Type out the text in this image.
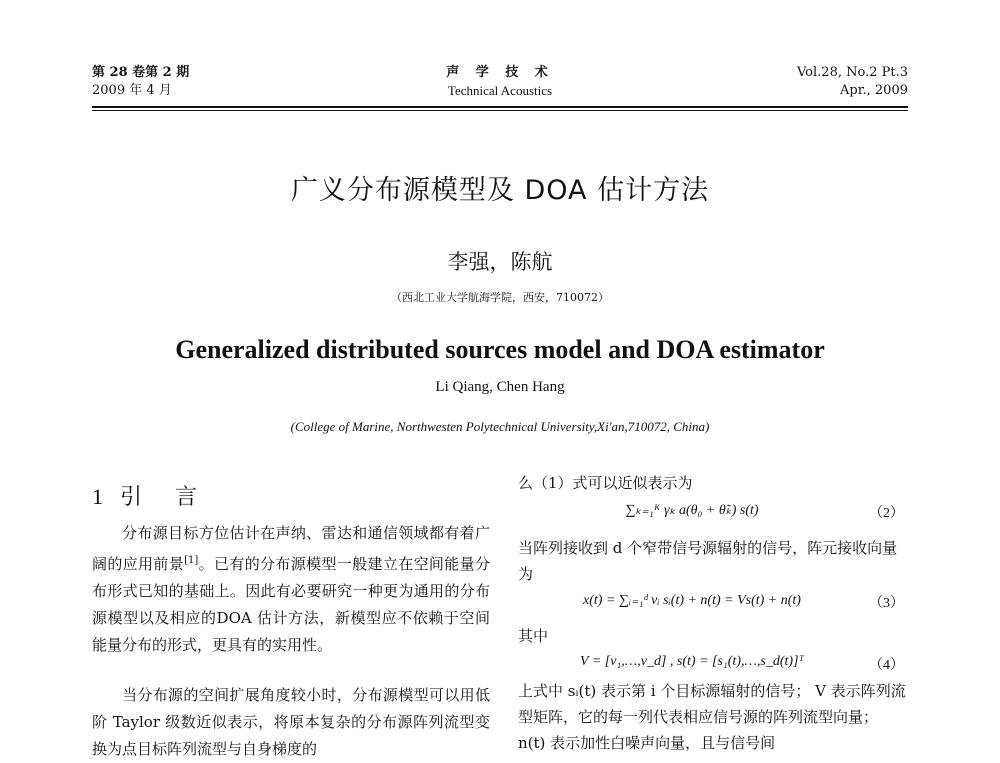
第 28 卷第 2 期
2009 年 4 月
声 学 技 术
Technical Acoustics
Vol.28, No.2 Pt.3
Apr., 2009
广义分布源模型及 DOA 估计方法
李强，陈航
（西北工业大学航海学院，西安，710072）
Generalized distributed sources model and DOA estimator
Li Qiang, Chen Hang
(College of Marine, Northwesten Polytechnical University,Xi'an,710072, China)
1 引 言
分布源目标方位估计在声纳、雷达和通信领域都有着广阔的应用前景[1]。已有的分布源模型一般建立在空间能量分布形式已知的基础上。因此有必要研究一种更为通用的分布源模型以及相应的DOA 估计方法，新模型应不依赖于空间能量分布的形式，更具有的实用性。
当分布源的空间扩展角度较小时，分布源模型可以用低阶 Taylor 级数近似表示，将原本复杂的分布源阵列流型变换为点目标阵列流型与自身梯度的
么（1）式可以近似表示为
∑ₖ₌₁ᴷ γₖ a(θ₀ + θ̃ₖ) s(t)	（2）
当阵列接收到 d 个窄带信号源辐射的信号，阵元接收向量为
x(t) = ∑ᵢ₌₁ᵈ vᵢ sᵢ(t) + n(t) = Vs(t) + n(t)	（3）
其中
V = [v₁,…,v_d] , s(t) = [s₁(t),…,s_d(t)]ᵀ	（4）
上式中 sᵢ(t) 表示第 i 个目标源辐射的信号； V 表示阵列流型矩阵，它的每一列代表相应信号源的阵列流型向量； n(t) 表示加性白噪声向量，且与信号间
